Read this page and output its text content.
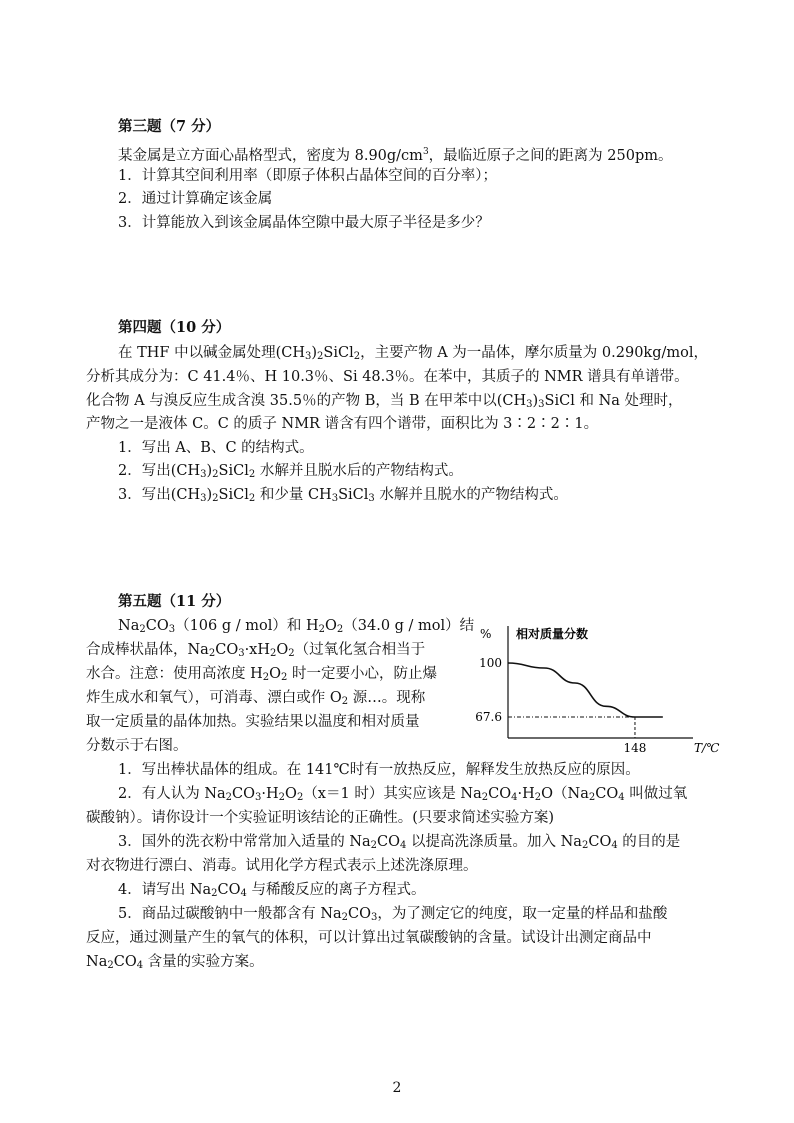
第三题（7 分）
某金属是立方面心晶格型式，密度为 $8.90g/cm^3$，最临近原子之间的距离为 250pm。
1．计算其空间利用率（即原子体积占晶体空间的百分率）；
2．通过计算确定该金属
3．计算能放入到该金属晶体空隙中最大原子半径是多少？
第四题（10 分）
在 THF 中以碱金属处理$(CH_3)_2SiCl_2$，主要产物 A 为一晶体，摩尔质量为 0.290kg/mol，
分析其成分为：C 41.4％、H 10.3％、Si 48.3％。在苯中，其质子的 NMR 谱具有单谱带。
化合物 A 与溴反应生成含溴 35.5％的产物 B，当 B 在甲苯中以$(CH_3)_3SiCl$ 和 Na 处理时，
产物之一是液体 C。C 的质子 NMR 谱含有四个谱带，面积比为 3∶2∶2∶1。
1．写出 A、B、C 的结构式。
2．写出$(CH_3)_2SiCl_2$ 水解并且脱水后的产物结构式。
3．写出$(CH_3)_2SiCl_2$ 和少量 $CH_3SiCl_3$ 水解并且脱水的产物结构式。
第五题（11 分）
$Na_2CO_3(106$ g / mol）和 $H_2O_2(34.0$ g / mol）结
合成棒状晶体，$Na_2CO_3\cdot xH_2O_2$（过氧化氢合相当于
水合。注意：使用高浓度 $H_2O_2$ 时一定要小心，防止爆
炸生成水和氧气），可消毒、漂白或作 $O_2$ 源…。现称
取一定质量的晶体加热。实验结果以温度和相对质量
分数示于右图。
% 相对质量分数
T/℃
100
67.6
148
1．写出棒状晶体的组成。在 141℃时有一放热反应，解释发生放热反应的原因。
2．有人认为 $Na_2CO_3\cdot H_2O_2(x=1$ 时）其实应该是 $Na_2CO_4\cdot H_2O(Na_2CO_4$ 叫做过氧
碳酸钠）。请你设计一个实验证明该结论的正确性。(只要求简述实验方案)
3．国外的洗衣粉中常常加入适量的 $Na_2CO_4$ 以提高洗涤质量。加入 $Na_2CO_4$ 的目的是
对衣物进行漂白、消毒。试用化学方程式表示上述洗涤原理。
4．请写出 $Na_2CO_4$ 与稀酸反应的离子方程式。
5．商品过碳酸钠中一般都含有 $Na_2CO_3$，为了测定它的纯度，取一定量的样品和盐酸
反应，通过测量产生的氧气的体积，可以计算出过氧碳酸钠的含量。试设计出测定商品中
$Na_2CO_4$ 含量的实验方案。
2
